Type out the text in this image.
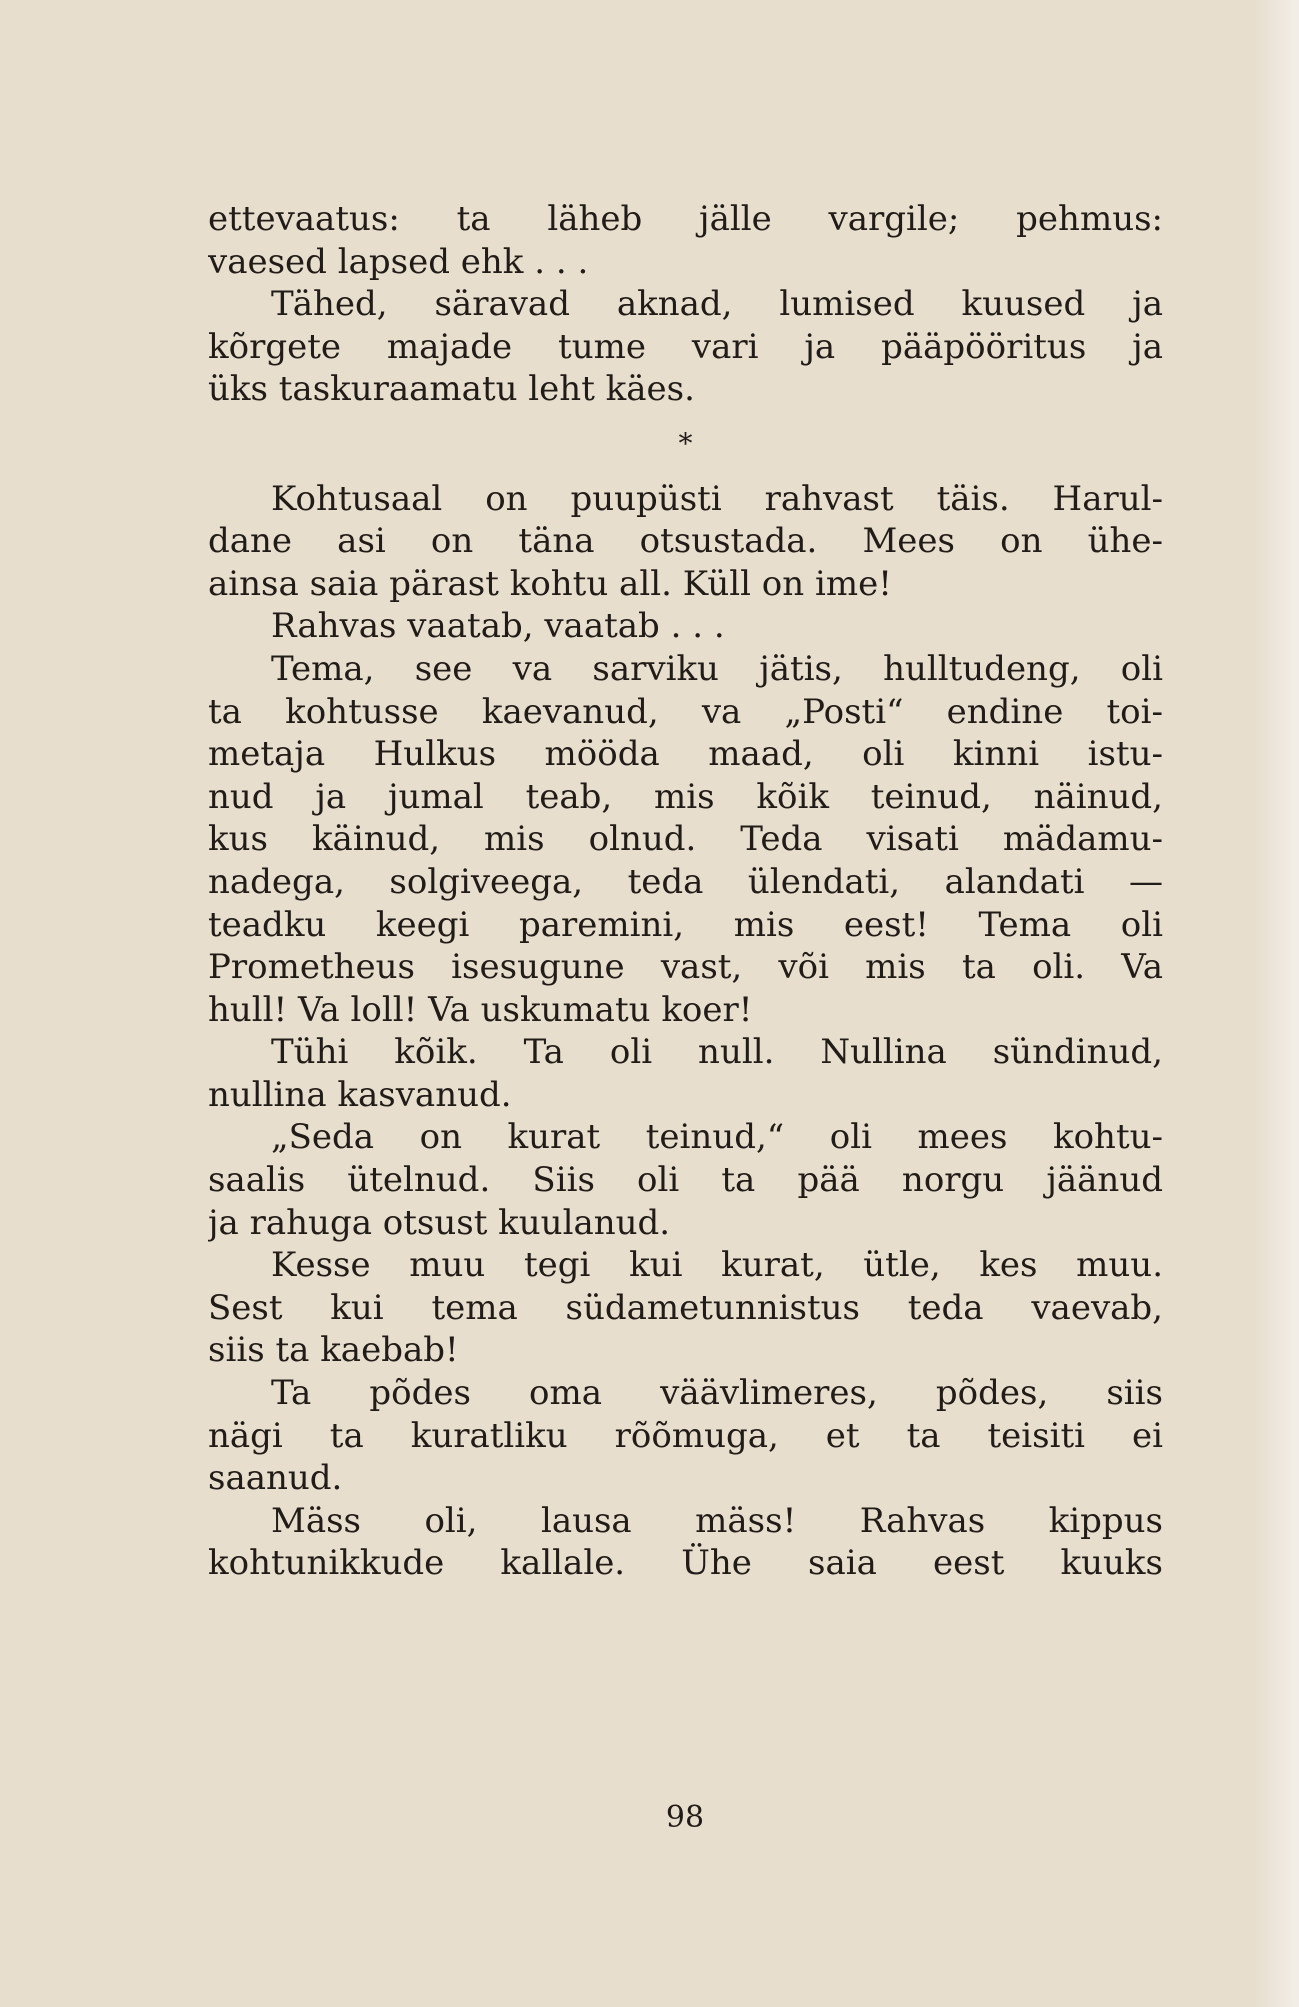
ettevaatus: ta läheb jälle vargile; pehmus:
vaesed lapsed ehk . . .

Tähed, säravad aknad, lumised kuused ja
kõrgete majade tume vari ja pääpööritus ja
üks taskuraamatu leht käes.

*

Kohtusaal on puupüsti rahvast täis. Harul-
dane asi on täna otsustada. Mees on ühe-
ainsa saia pärast kohtu all. Küll on ime!

Rahvas vaatab, vaatab . . .

Tema, see va sarviku jätis, hulltudeng, oli
ta kohtusse kaevanud, va „Posti“ endine toi-
metaja Hulkus mööda maad, oli kinni istu-
nud ja jumal teab, mis kõik teinud, näinud,
kus käinud, mis olnud. Teda visati mädamu-
nadega, solgiveega, teda ülendati, alandati —
teadku keegi paremini, mis eest! Tema oli
Prometheus isesugune vast, või mis ta oli. Va
hull! Va loll! Va uskumatu koer!

Tühi kõik. Ta oli null. Nullina sündinud,
nullina kasvanud.

„Seda on kurat teinud,“ oli mees kohtu-
saalis ütelnud. Siis oli ta pää norgu jäänud
ja rahuga otsust kuulanud.

Kesse muu tegi kui kurat, ütle, kes muu.
Sest kui tema südametunnistus teda vaevab,
siis ta kaebab!

Ta põdes oma väävlimeres, põdes, siis
nägi ta kuratliku rõõmuga, et ta teisiti ei
saanud.

Mäss oli, lausa mäss! Rahvas kippus
kohtunikkude kallale. Ühe saia eest kuuks

98
